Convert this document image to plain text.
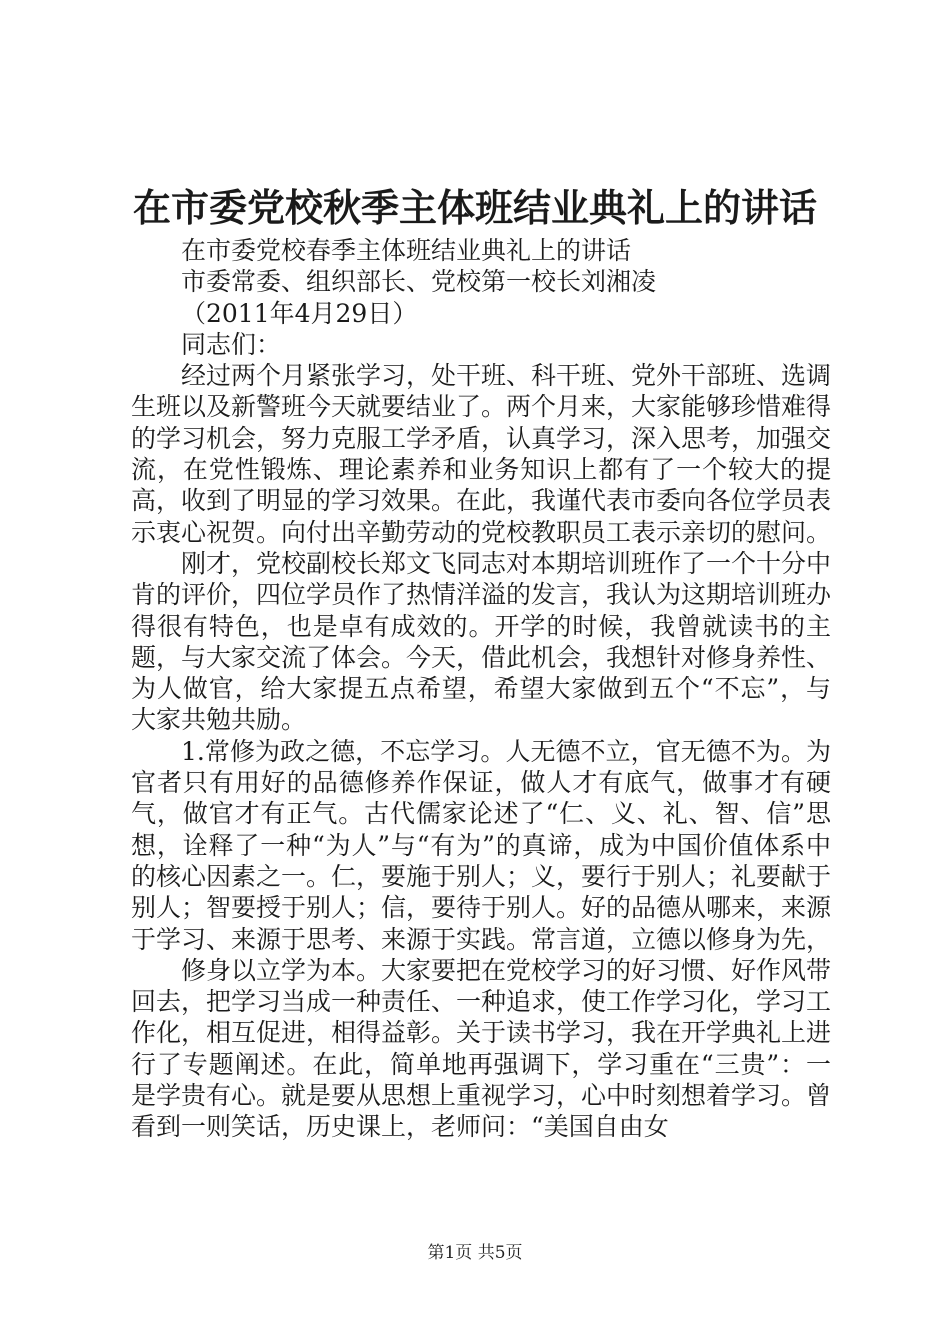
在市委党校秋季主体班结业典礼上的讲话

在市委党校春季主体班结业典礼上的讲话

市委常委、组织部长、党校第一校长刘湘凌

（2011年4月29日）

同志们：

经过两个月紧张学习，处干班、科干班、党外干部班、选调生班以及新警班今天就要结业了。两个月来，大家能够珍惜难得的学习机会，努力克服工学矛盾，认真学习，深入思考，加强交流，在党性锻炼、理论素养和业务知识上都有了一个较大的提高，收到了明显的学习效果。在此，我谨代表市委向各位学员表示衷心祝贺。向付出辛勤劳动的党校教职员工表示亲切的慰问。

刚才，党校副校长郑文飞同志对本期培训班作了一个十分中肯的评价，四位学员作了热情洋溢的发言，我认为这期培训班办得很有特色，也是卓有成效的。开学的时候，我曾就读书的主题，与大家交流了体会。今天，借此机会，我想针对修身养性、为人做官，给大家提五点希望，希望大家做到五个“不忘”，与大家共勉共励。

1.常修为政之德，不忘学习。人无德不立，官无德不为。为官者只有用好的品德修养作保证，做人才有底气，做事才有硬气，做官才有正气。古代儒家论述了“仁、义、礼、智、信”思想，诠释了一种“为人”与“有为”的真谛，成为中国价值体系中的核心因素之一。仁，要施于别人；义，要行于别人；礼要献于别人；智要授于别人；信，要待于别人。好的品德从哪来，来源于学习、来源于思考、来源于实践。常言道，立德以修身为先，

修身以立学为本。大家要把在党校学习的好习惯、好作风带回去，把学习当成一种责任、一种追求，使工作学习化，学习工作化，相互促进，相得益彰。关于读书学习，我在开学典礼上进行了专题阐述。在此，简单地再强调下，学习重在“三贵”：一是学贵有心。就是要从思想上重视学习，心中时刻想着学习。曾看到一则笑话，历史课上，老师问：“美国自由女

第1页 共5页
